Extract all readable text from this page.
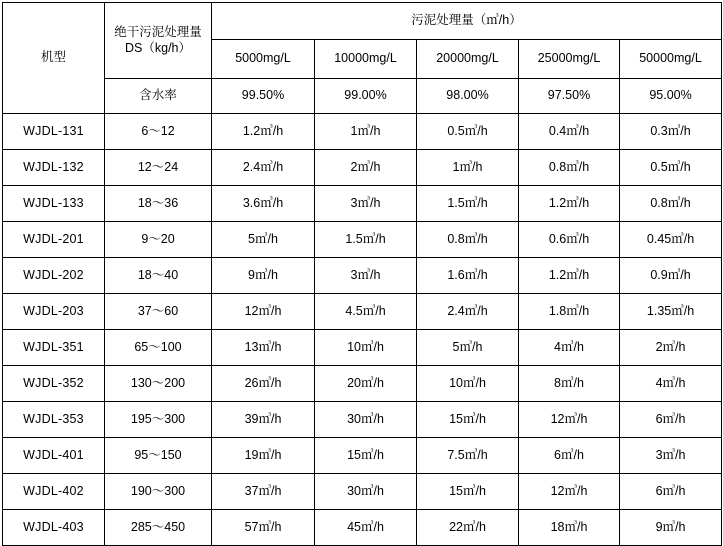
机型	绝干污泥处理量DS（kg/h）	污泥处理量（㎥/h）				
		5000mg/L	10000mg/L	20000mg/L	25000mg/L	50000mg/L
	含水率	99.50%	99.00%	98.00%	97.50%	95.00%
WJDL-131	6～12	1.2㎥/h	1㎥/h	0.5㎥/h	0.4㎥/h	0.3㎥/h
WJDL-132	12～24	2.4㎥/h	2㎥/h	1㎥/h	0.8㎥/h	0.5㎥/h
WJDL-133	18～36	3.6㎥/h	3㎥/h	1.5㎥/h	1.2㎥/h	0.8㎥/h
WJDL-201	9～20	5㎥/h	1.5㎥/h	0.8㎥/h	0.6㎥/h	0.45㎥/h
WJDL-202	18～40	9㎥/h	3㎥/h	1.6㎥/h	1.2㎥/h	0.9㎥/h
WJDL-203	37～60	12㎥/h	4.5㎥/h	2.4㎥/h	1.8㎥/h	1.35㎥/h
WJDL-351	65～100	13㎥/h	10㎥/h	5㎥/h	4㎥/h	2㎥/h
WJDL-352	130～200	26㎥/h	20㎥/h	10㎥/h	8㎥/h	4㎥/h
WJDL-353	195～300	39㎥/h	30㎥/h	15㎥/h	12㎥/h	6㎥/h
WJDL-401	95～150	19㎥/h	15㎥/h	7.5㎥/h	6㎥/h	3㎥/h
WJDL-402	190～300	37㎥/h	30㎥/h	15㎥/h	12㎥/h	6㎥/h
WJDL-403	285～450	57㎥/h	45㎥/h	22㎥/h	18㎥/h	9㎥/h
